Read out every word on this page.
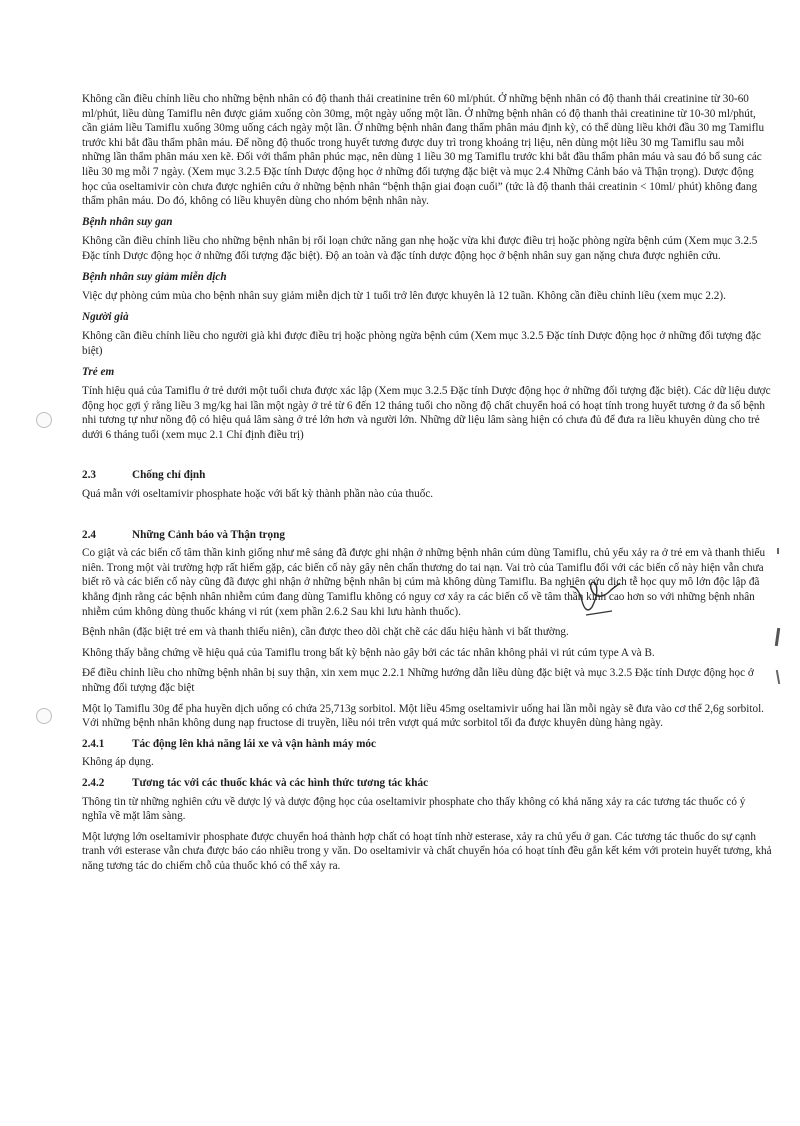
Không cần điều chỉnh liều cho những bệnh nhân có độ thanh thải creatinine trên 60 ml/phút. Ở những bệnh nhân có độ thanh thải creatinine từ 30-60 ml/phút, liều dùng Tamiflu nên được giảm xuống còn 30mg, một ngày uống một lần. Ở những bệnh nhân có độ thanh thải creatinine từ 10-30 ml/phút, cần giảm liều Tamiflu xuống 30mg uống cách ngày một lần. Ở những bệnh nhân đang thẩm phân máu định kỳ, có thể dùng liều khởi đầu 30 mg Tamiflu trước khi bắt đầu thẩm phân máu. Để nồng độ thuốc trong huyết tương được duy trì trong khoảng trị liệu, nên dùng một liều 30 mg Tamiflu sau mỗi những lần thẩm phân máu xen kẽ. Đối với thẩm phân phúc mạc, nên dùng 1 liều 30 mg Tamiflu trước khi bắt đầu thẩm phân máu và sau đó bổ sung các liều 30 mg mỗi 7 ngày. (Xem mục 3.2.5 Đặc tính Dược động học ở những đối tượng đặc biệt và mục 2.4 Những Cảnh báo và Thận trọng). Dược động học của oseltamivir còn chưa được nghiên cứu ở những bệnh nhân “bệnh thận giai đoạn cuối” (tức là độ thanh thải creatinin < 10ml/ phút) không đang thẩm phân máu. Do đó, không có liều khuyên dùng cho nhóm bệnh nhân này.

Bệnh nhân suy gan

Không cần điều chỉnh liều cho những bệnh nhân bị rối loạn chức năng gan nhẹ hoặc vừa khi được điều trị hoặc phòng ngừa bệnh cúm (Xem mục 3.2.5 Đặc tính Dược động học ở những đối tượng đặc biệt). Độ an toàn và đặc tính dược động học ở bệnh nhân suy gan nặng chưa được nghiên cứu.

Bệnh nhân suy giảm miễn dịch

Việc dự phòng cúm mùa cho bệnh nhân suy giảm miễn dịch từ 1 tuổi trở lên được khuyên là 12 tuần. Không cần điều chỉnh liều (xem mục 2.2).

Người già

Không cần điều chỉnh liều cho người già khi được điều trị hoặc phòng ngừa bệnh cúm (Xem mục 3.2.5 Đặc tính Dược động học ở những đối tượng đặc biệt)

Trẻ em

Tính hiệu quả của Tamiflu ở trẻ dưới một tuổi chưa được xác lập (Xem mục 3.2.5 Đặc tính Dược động học ở những đối tượng đặc biệt). Các dữ liệu dược động học gợi ý rằng liều 3 mg/kg hai lần một ngày ở trẻ từ 6 đến 12 tháng tuổi cho nồng độ chất chuyển hoá có hoạt tính trong huyết tương ở đa số bệnh nhi tương tự như nồng độ có hiệu quả lâm sàng ở trẻ lớn hơn và người lớn. Những dữ liệu lâm sàng hiện có chưa đủ để đưa ra liều khuyên dùng cho trẻ dưới 6 tháng tuổi (xem mục 2.1 Chỉ định điều trị)

2.3	Chống chỉ định

Quá mẫn với oseltamivir phosphate hoặc với bất kỳ thành phần nào của thuốc.

2.4	Những Cảnh báo và Thận trọng

Co giật và các biến cố tâm thần kinh giống như mê sảng đã được ghi nhận ở những bệnh nhân cúm dùng Tamiflu, chủ yếu xảy ra ở trẻ em và thanh thiếu niên. Trong một vài trường hợp rất hiếm gặp, các biến cố này gây nên chấn thương do tai nạn. Vai trò của Tamiflu đối với các biến cố này hiện vẫn chưa biết rõ và các biến cố này cũng đã được ghi nhận ở những bệnh nhân bị cúm mà không dùng Tamiflu. Ba nghiên cứu dịch tễ học quy mô lớn độc lập đã khẳng định rằng các bệnh nhân nhiễm cúm đang dùng Tamiflu không có nguy cơ xảy ra các biến cố về tâm thần kinh cao hơn so với những bệnh nhân nhiễm cúm không dùng thuốc kháng vi rút (xem phần 2.6.2 Sau khi lưu hành thuốc).

Bệnh nhân (đặc biệt trẻ em và thanh thiếu niên), cần được theo dõi chặt chẽ các dấu hiệu hành vi bất thường.

Không thấy bằng chứng về hiệu quả của Tamiflu trong bất kỳ bệnh nào gây bởi các tác nhân không phải vi rút cúm type A và B.

Để điều chỉnh liều cho những bệnh nhân bị suy thận, xin xem mục 2.2.1 Những hướng dẫn liều dùng đặc biệt và mục 3.2.5 Đặc tính Dược động học ở những đối tượng đặc biệt

Một lọ Tamiflu 30g để pha huyền dịch uống có chứa 25,713g sorbitol. Một liều 45mg oseltamivir uống hai lần mỗi ngày sẽ đưa vào cơ thể 2,6g sorbitol. Với những bệnh nhân không dung nạp fructose di truyền, liều nói trên vượt quá mức sorbitol tối đa được khuyên dùng hàng ngày.

2.4.1	Tác động lên khả năng lái xe và vận hành máy móc

Không áp dụng.

2.4.2	Tương tác với các thuốc khác và các hình thức tương tác khác

Thông tin từ những nghiên cứu về dược lý và dược động học của oseltamivir phosphate cho thấy không có khả năng xảy ra các tương tác thuốc có ý nghĩa về mặt lâm sàng.

Một lượng lớn oseltamivir phosphate được chuyển hoá thành hợp chất có hoạt tính nhờ esterase, xảy ra chủ yếu ở gan. Các tương tác thuốc do sự cạnh tranh với esterase vẫn chưa được báo cáo nhiều trong y văn. Do oseltamivir và chất chuyển hóa có hoạt tính đều gắn kết kém với protein huyết tương, khả năng tương tác do chiếm chỗ của thuốc khó có thể xảy ra.
